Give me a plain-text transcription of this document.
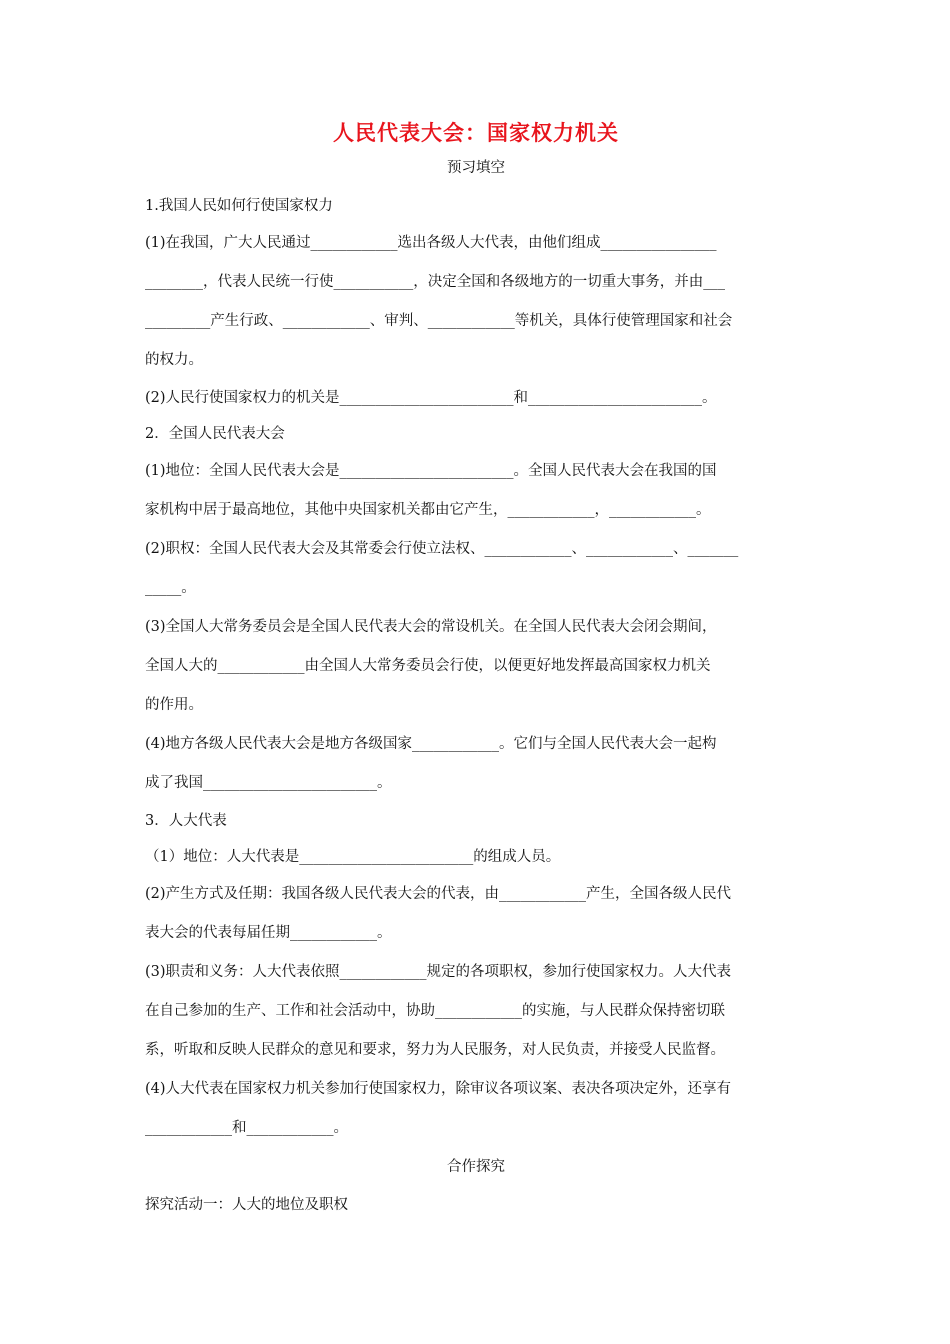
人民代表大会：国家权力机关
预习填空
1.我国人民如何行使国家权力
(1)在我国，广大人民通过____________选出各级人大代表，由他们组成________________
________，代表人民统一行使___________，决定全国和各级地方的一切重大事务，并由___
_________产生行政、____________、审判、____________等机关，具体行使管理国家和社会
的权力。
(2)人民行使国家权力的机关是________________________和________________________。
2．全国人民代表大会
(1)地位：全国人民代表大会是________________________。全国人民代表大会在我国的国
家机构中居于最高地位，其他中央国家机关都由它产生，____________，____________。
(2)职权：全国人民代表大会及其常委会行使立法权、____________、____________、_______
_____。
(3)全国人大常务委员会是全国人民代表大会的常设机关。在全国人民代表大会闭会期间，
全国人大的____________由全国人大常务委员会行使，以便更好地发挥最高国家权力机关
的作用。
(4)地方各级人民代表大会是地方各级国家____________。它们与全国人民代表大会一起构
成了我国________________________。
3．人大代表
（1）地位：人大代表是________________________的组成人员。
(2)产生方式及任期：我国各级人民代表大会的代表，由____________产生，全国各级人民代
表大会的代表每届任期____________。
(3)职责和义务：人大代表依照____________规定的各项职权，参加行使国家权力。人大代表
在自己参加的生产、工作和社会活动中，协助____________的实施，与人民群众保持密切联
系，听取和反映人民群众的意见和要求，努力为人民服务，对人民负责，并接受人民监督。
(4)人大代表在国家权力机关参加行使国家权力，除审议各项议案、表决各项决定外，还享有
____________和____________。
合作探究
探究活动一：人大的地位及职权
